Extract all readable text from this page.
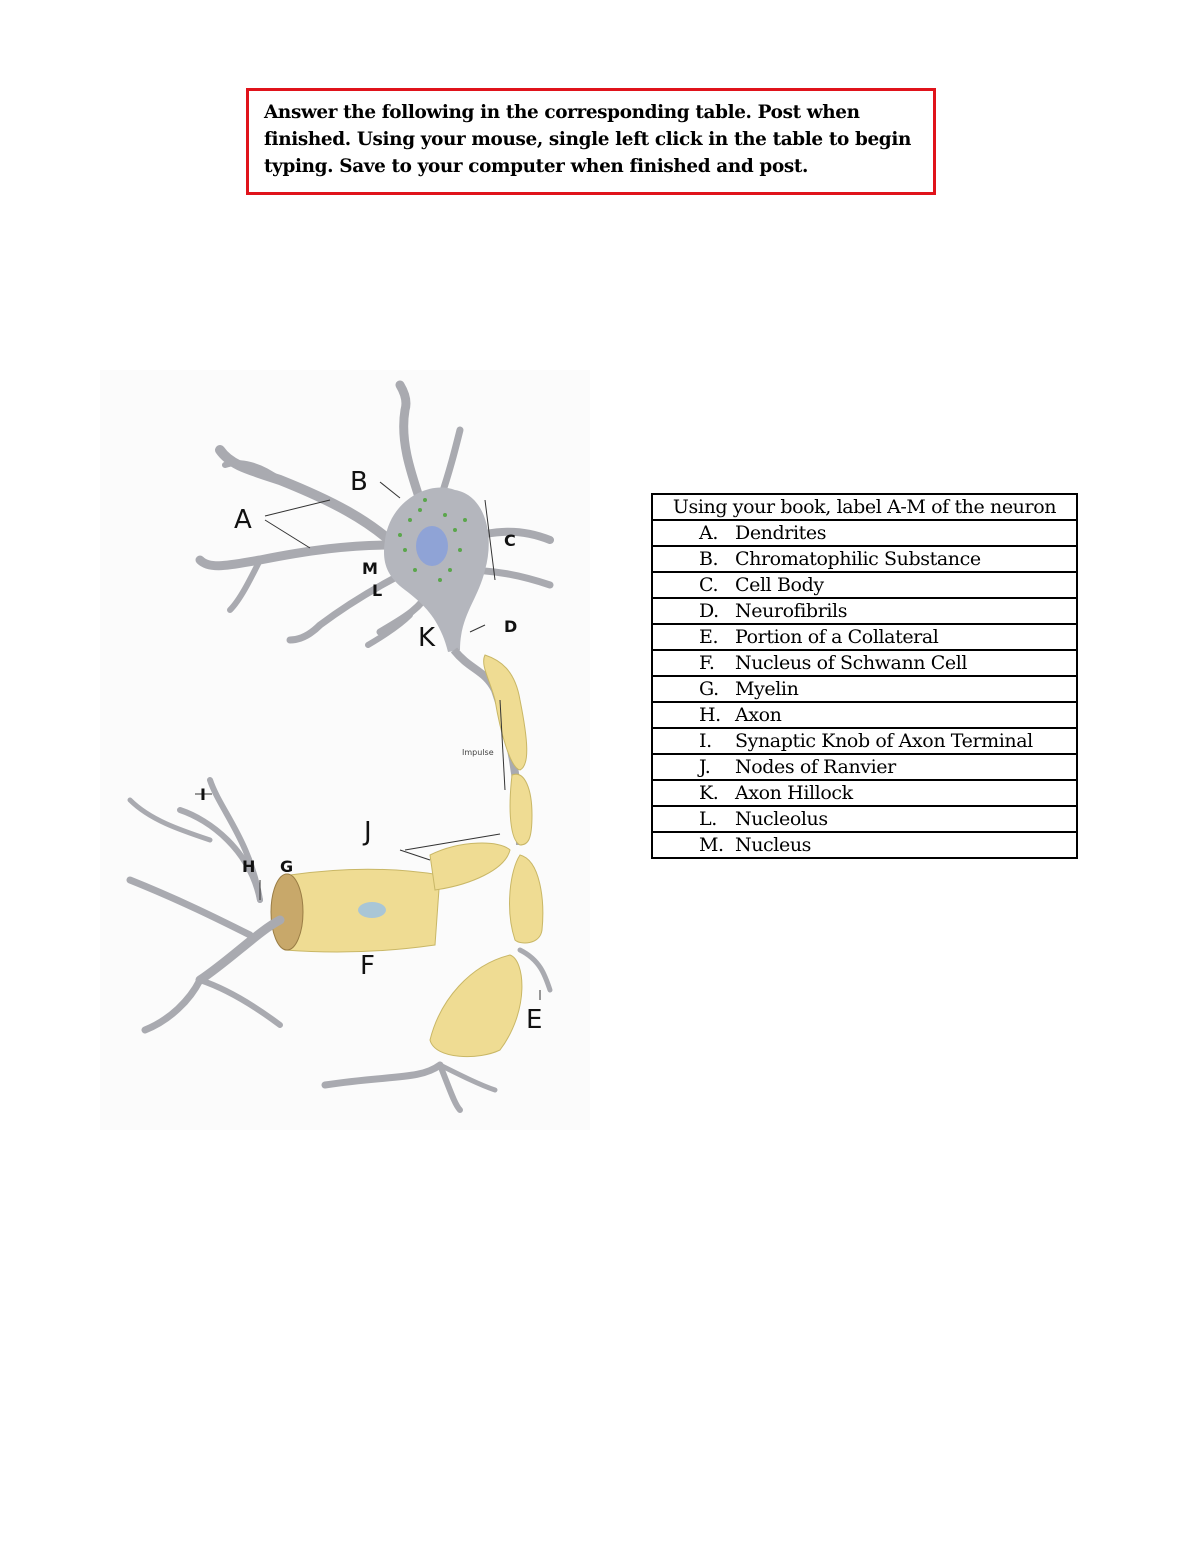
Answer the following in the corresponding table. Post when
finished. Using your mouse, single left click in the table to begin
typing. Save to your computer when finished and post.
A
B
C
M
L
K	D
J
I
H G
F
E
Impulse
Using your book, label A-M of the neuron
A. Dendrites
B. Chromatophilic Substance
C. Cell Body
D. Neurofibrils
E. Portion of a Collateral
F. Nucleus of Schwann Cell
G. Myelin
H. Axon
I. Synaptic Knob of Axon Terminal
J. Nodes of Ranvier
K. Axon Hillock
L. Nucleolus
M. Nucleus
